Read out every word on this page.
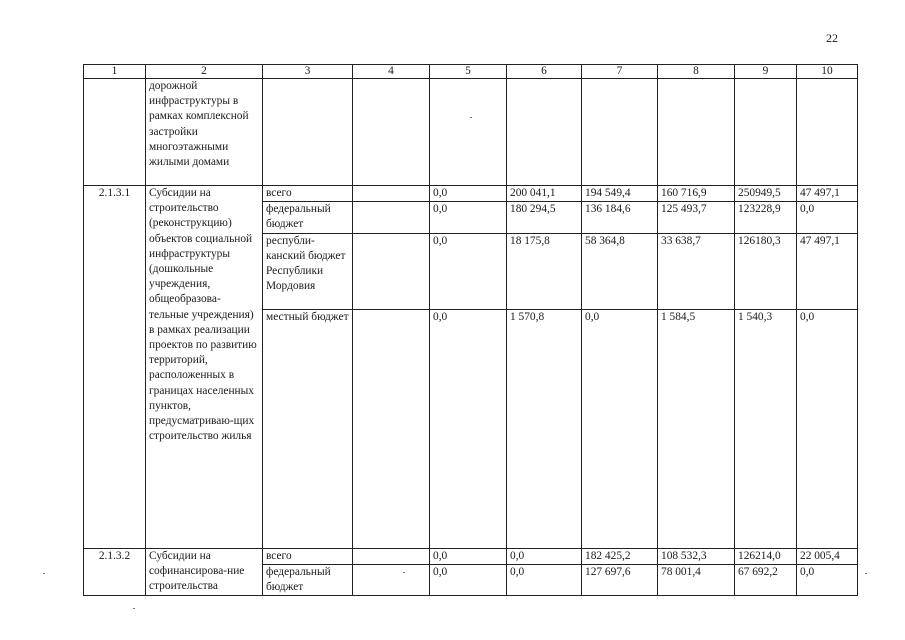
22
1	2	3	4	5	6	7	8	9	10
	дорожной инфраструктуры в рамках комплексной застройки многоэтажными жилыми домами								
2.1.3.1	Субсидии на строительство (реконструкцию) объектов социальной инфраструктуры (дошкольные учреждения, общеобразова-тельные учреждения) в рамках реализации проектов по развитию территорий, расположенных в границах населенных пунктов, предусматриваю-щих строительство жилья	всего		0,0	200 041,1	194 549,4	160 716,9	250949,5	47 497,1
		федеральный бюджет		0,0	180 294,5	136 184,6	125 493,7	123228,9	0,0
		республи-канский бюджет Республики Мордовия		0,0	18 175,8	58 364,8	33 638,7	126180,3	47 497,1
		местный бюджет		0,0	1 570,8	0,0	1 584,5	1 540,3	0,0
2.1.3.2	Субсидии на софинансирова-ние строительства	всего		0,0	0,0	182 425,2	108 532,3	126214,0	22 005,4
		федеральный бюджет		0,0	0,0	127 697,6	78 001,4	67 692,2	0,0
